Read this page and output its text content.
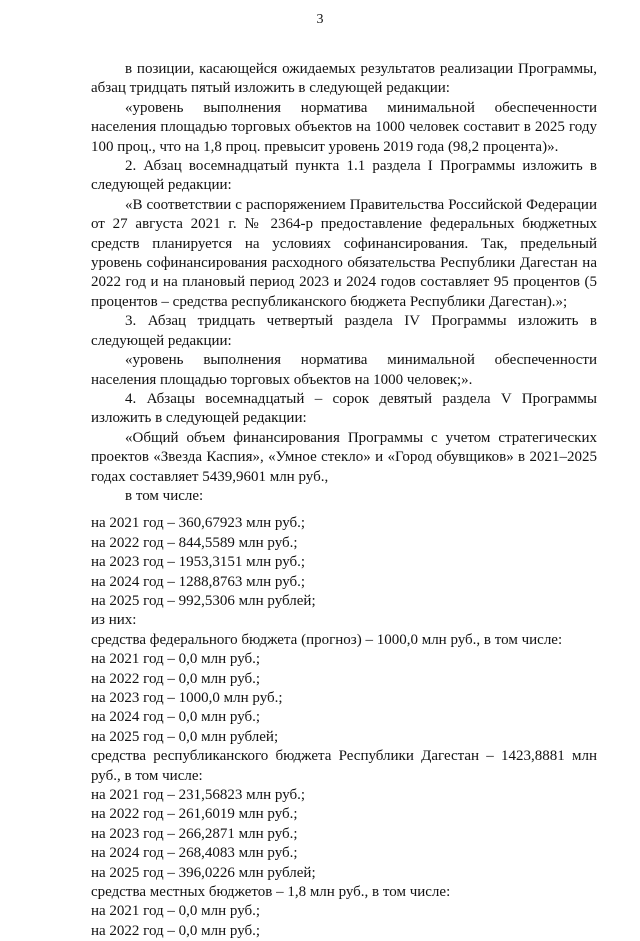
3

в позиции, касающейся ожидаемых результатов реализации Программы, абзац тридцать пятый изложить в следующей редакции:

«уровень выполнения норматива минимальной обеспеченности населения площадью торговых объектов на 1000 человек составит в 2025 году 100 проц., что на 1,8 проц. превысит уровень 2019 года (98,2 процента)».

2. Абзац восемнадцатый пункта 1.1 раздела I Программы изложить в следующей редакции:

«В соответствии с распоряжением Правительства Российской Федерации от 27 августа 2021 г. № 2364-р предоставление федеральных бюджетных средств планируется на условиях софинансирования. Так, предельный уровень софинансирования расходного обязательства Республики Дагестан на 2022 год и на плановый период 2023 и 2024 годов составляет 95 процентов (5 процентов – средства республиканского бюджета Республики Дагестан).»;

3. Абзац тридцать четвертый раздела IV Программы изложить в следующей редакции:

«уровень выполнения норматива минимальной обеспеченности населения площадью торговых объектов на 1000 человек;».

4. Абзацы восемнадцатый – сорок девятый раздела V Программы изложить в следующей редакции:

«Общий объем финансирования Программы с учетом стратегических проектов «Звезда Каспия», «Умное стекло» и «Город обувщиков» в 2021–2025 годах составляет 5439,9601 млн руб.,

в том числе:

на 2021 год – 360,67923 млн руб.;
на 2022 год – 844,5589 млн руб.;
на 2023 год – 1953,3151 млн руб.;
на 2024 год – 1288,8763 млн руб.;
на 2025 год – 992,5306 млн рублей;

из них:

средства федерального бюджета (прогноз) – 1000,0 млн руб., в том числе:

на 2021 год – 0,0 млн руб.;
на 2022 год – 0,0 млн руб.;
на 2023 год – 1000,0 млн руб.;
на 2024 год – 0,0 млн руб.;
на 2025 год – 0,0 млн рублей;

средства республиканского бюджета Республики Дагестан – 1423,8881 млн руб., в том числе:

на 2021 год – 231,56823 млн руб.;
на 2022 год – 261,6019 млн руб.;
на 2023 год – 266,2871 млн руб.;
на 2024 год – 268,4083 млн руб.;
на 2025 год – 396,0226 млн рублей;

средства местных бюджетов – 1,8 млн руб., в том числе:

на 2021 год – 0,0 млн руб.;
на 2022 год – 0,0 млн руб.;
